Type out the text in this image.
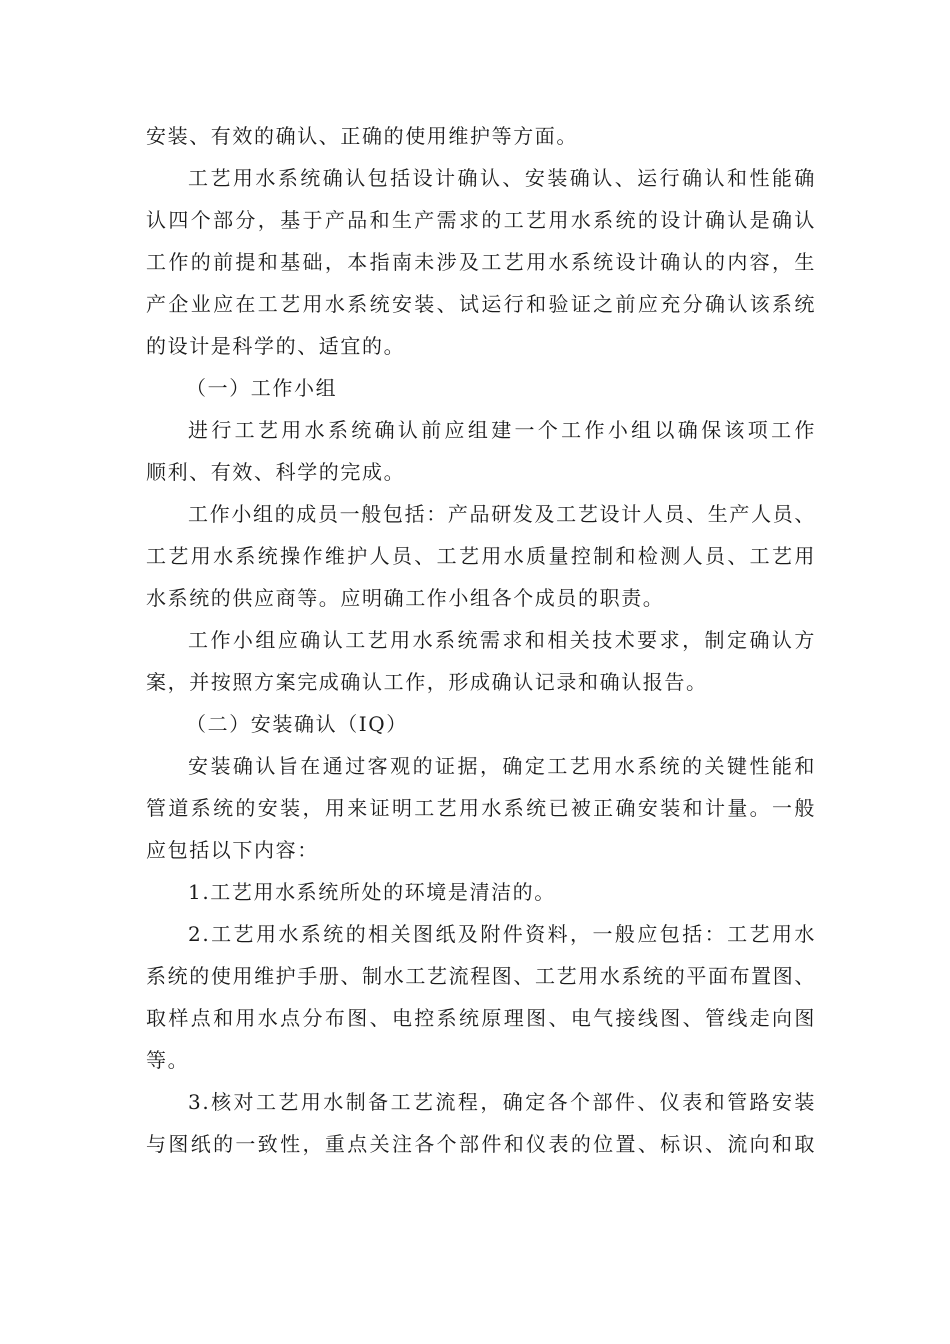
安装、有效的确认、正确的使用维护等方面。
工艺用水系统确认包括设计确认、安装确认、运行确认和性能确
认四个部分，基于产品和生产需求的工艺用水系统的设计确认是确认
工作的前提和基础，本指南未涉及工艺用水系统设计确认的内容，生
产企业应在工艺用水系统安装、试运行和验证之前应充分确认该系统
的设计是科学的、适宜的。
（一）工作小组
进行工艺用水系统确认前应组建一个工作小组以确保该项工作
顺利、有效、科学的完成。
工作小组的成员一般包括：产品研发及工艺设计人员、生产人员、
工艺用水系统操作维护人员、工艺用水质量控制和检测人员、工艺用
水系统的供应商等。应明确工作小组各个成员的职责。
工作小组应确认工艺用水系统需求和相关技术要求，制定确认方
案，并按照方案完成确认工作，形成确认记录和确认报告。
（二）安装确认（IQ）
安装确认旨在通过客观的证据，确定工艺用水系统的关键性能和
管道系统的安装，用来证明工艺用水系统已被正确安装和计量。一般
应包括以下内容：
1.工艺用水系统所处的环境是清洁的。
2.工艺用水系统的相关图纸及附件资料，一般应包括：工艺用水
系统的使用维护手册、制水工艺流程图、工艺用水系统的平面布置图、
取样点和用水点分布图、电控系统原理图、电气接线图、管线走向图
等。
3.核对工艺用水制备工艺流程，确定各个部件、仪表和管路安装
与图纸的一致性，重点关注各个部件和仪表的位置、标识、流向和取
